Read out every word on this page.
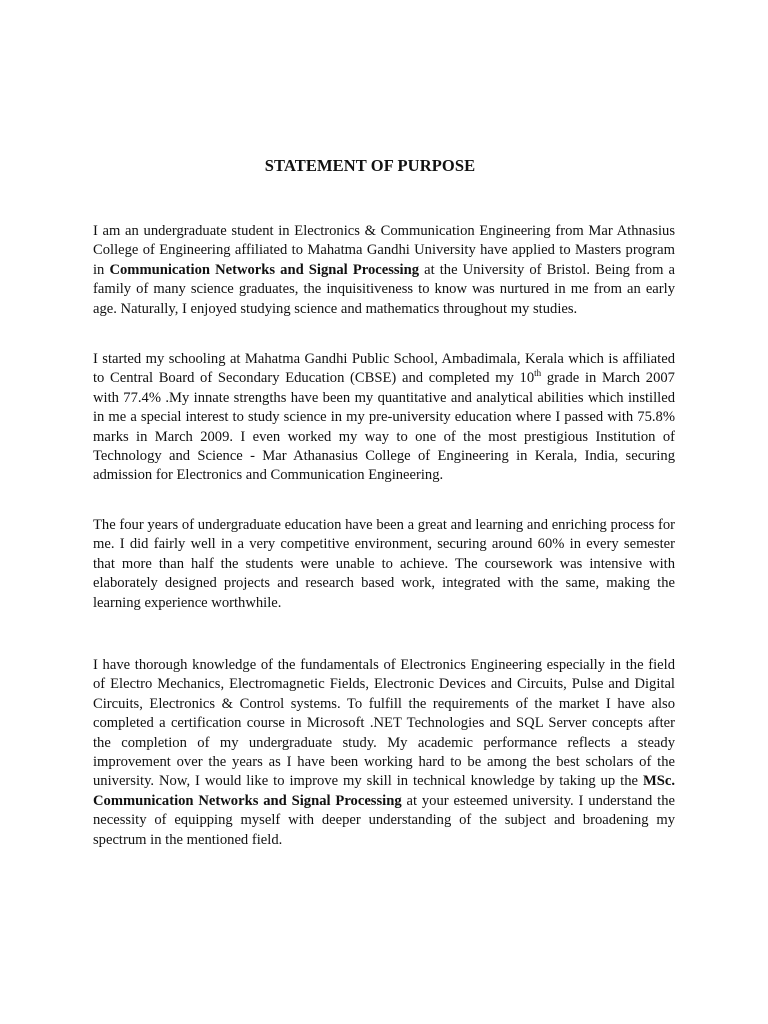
STATEMENT OF PURPOSE

I am an undergraduate student in Electronics & Communication Engineering from Mar Athnasius College of Engineering affiliated to Mahatma Gandhi University have applied to Masters program in Communication Networks and Signal Processing at the University of Bristol. Being from a family of many science graduates, the inquisitiveness to know was nurtured in me from an early age. Naturally, I enjoyed studying science and mathematics throughout my studies.

I started my schooling at Mahatma Gandhi Public School, Ambadimala, Kerala which is affiliated to Central Board of Secondary Education (CBSE) and completed my 10th grade in March 2007 with 77.4% .My innate strengths have been my quantitative and analytical abilities which instilled in me a special interest to study science in my pre-university education where I passed with 75.8% marks in March 2009. I even worked my way to one of the most prestigious Institution of Technology and Science - Mar Athanasius College of Engineering in Kerala, India, securing admission for Electronics and Communication Engineering.

The four years of undergraduate education have been a great and learning and enriching process for me. I did fairly well in a very competitive environment, securing around 60% in every semester that more than half the students were unable to achieve. The coursework was intensive with elaborately designed projects and research based work, integrated with the same, making the learning experience worthwhile.

I have thorough knowledge of the fundamentals of Electronics Engineering especially in the field of Electro Mechanics, Electromagnetic Fields, Electronic Devices and Circuits, Pulse and Digital Circuits, Electronics & Control systems. To fulfill the requirements of the market I have also completed a certification course in Microsoft .NET Technologies and SQL Server concepts after the completion of my undergraduate study. My academic performance reflects a steady improvement over the years as I have been working hard to be among the best scholars of the university. Now, I would like to improve my skill in technical knowledge by taking up the MSc. Communication Networks and Signal Processing at your esteemed university. I understand the necessity of equipping myself with deeper understanding of the subject and broadening my spectrum in the mentioned field.
